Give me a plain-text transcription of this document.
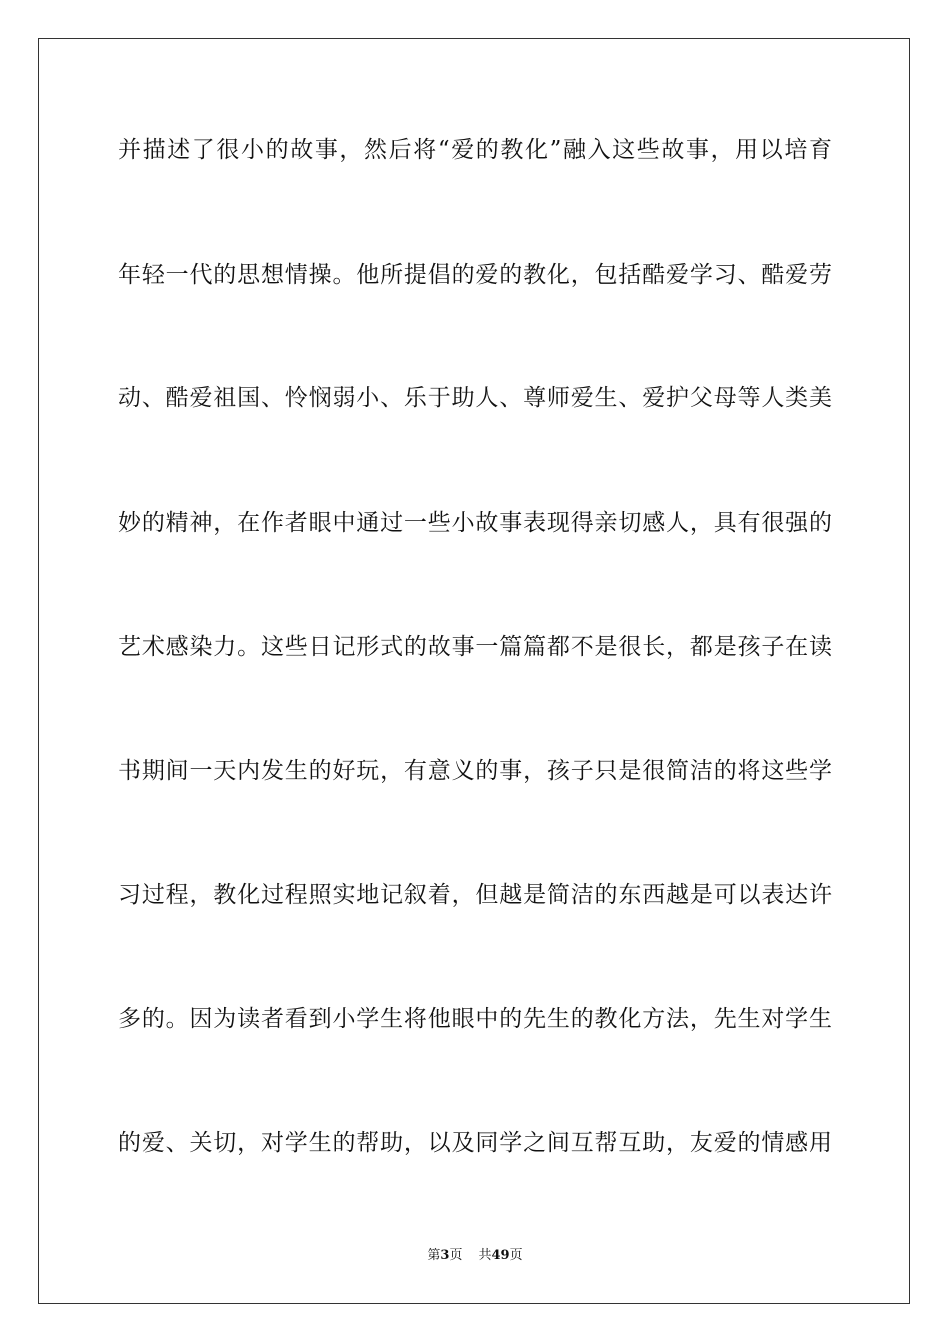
并描述了很小的故事，然后将“爱的教化”融入这些故事，用以培育
年轻一代的思想情操。他所提倡的爱的教化，包括酷爱学习、酷爱劳
动、酷爱祖国、怜悯弱小、乐于助人、尊师爱生、爱护父母等人类美
妙的精神，在作者眼中通过一些小故事表现得亲切感人，具有很强的
艺术感染力。这些日记形式的故事一篇篇都不是很长，都是孩子在读
书期间一天内发生的好玩，有意义的事，孩子只是很简洁的将这些学
习过程，教化过程照实地记叙着，但越是简洁的东西越是可以表达许
多的。因为读者看到小学生将他眼中的先生的教化方法，先生对学生
的爱、关切，对学生的帮助，以及同学之间互帮互助，友爱的情感用
第3页 共49页
